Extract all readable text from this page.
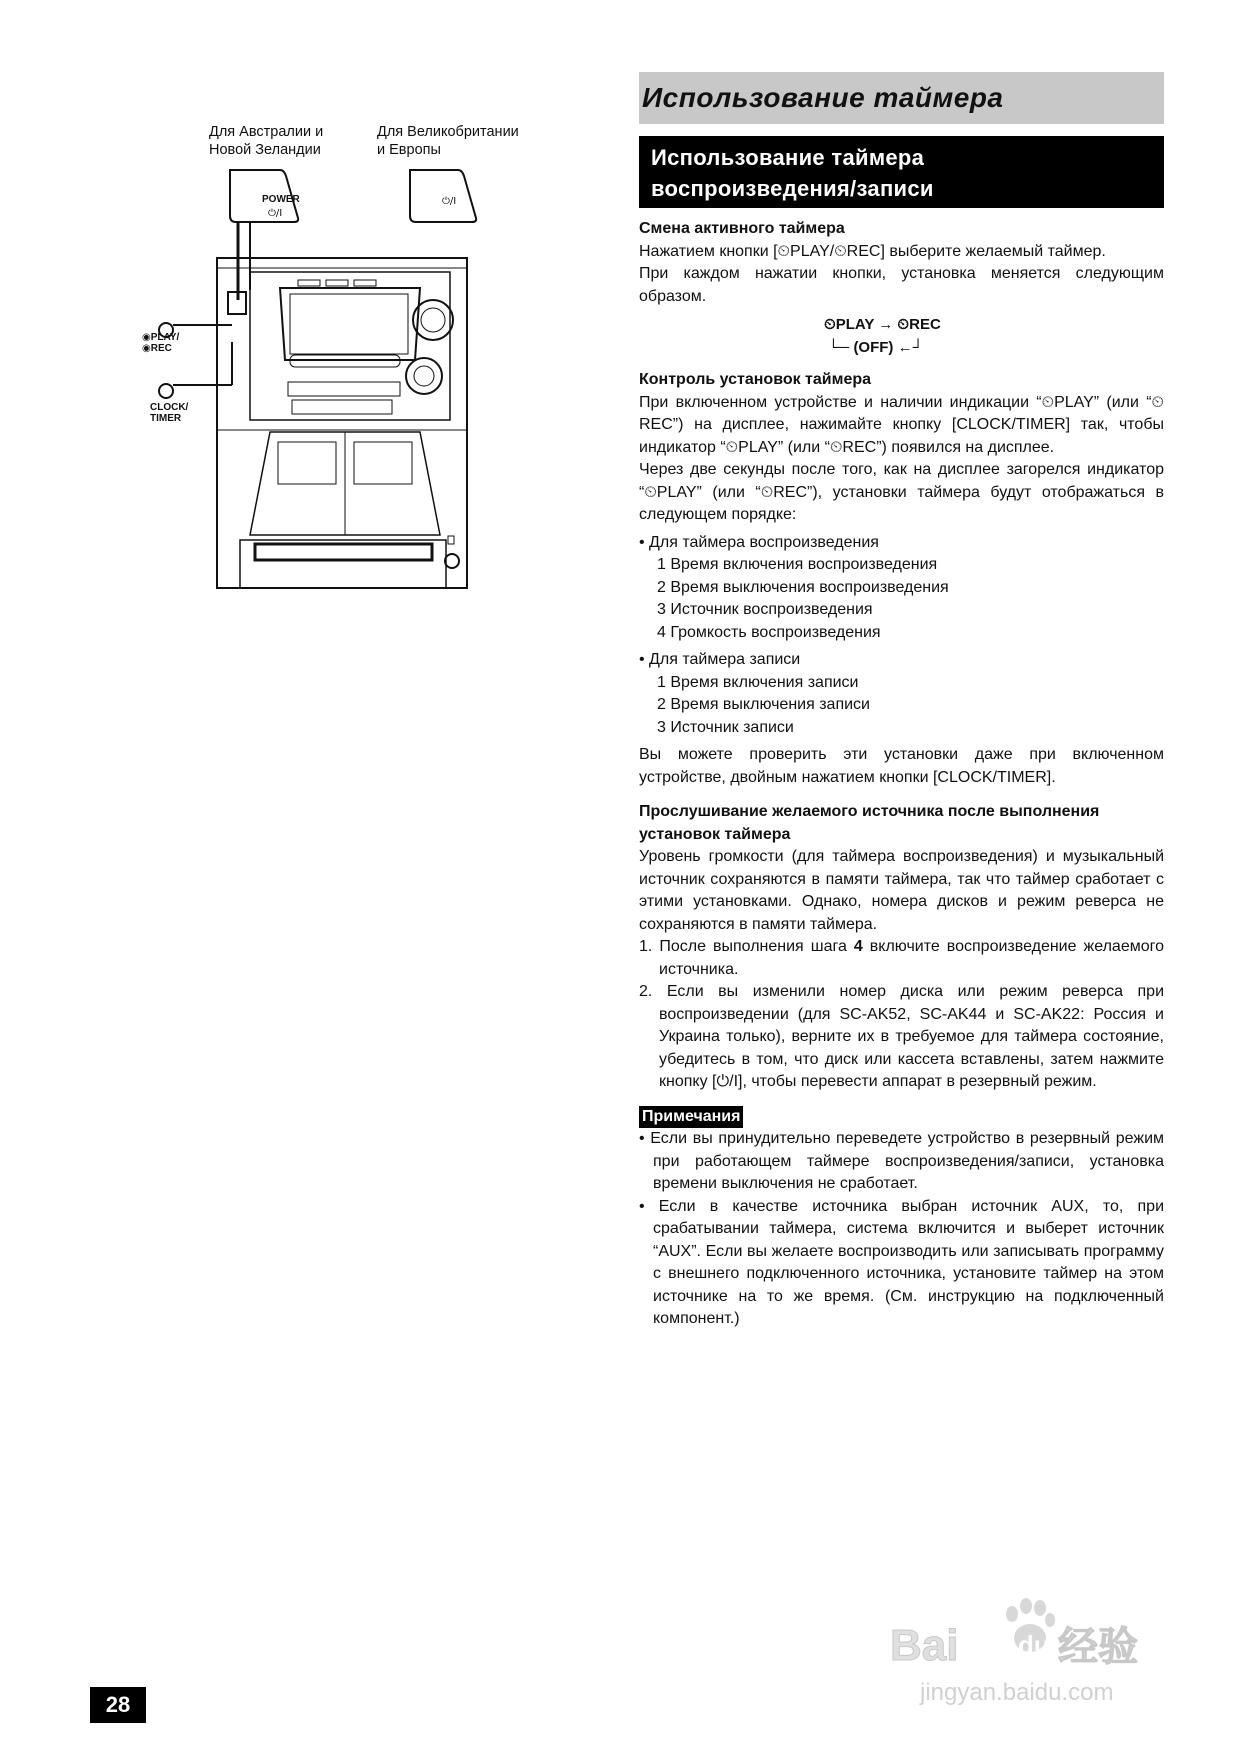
Для Австралии и
Новой Зеландии
Для Великобритании
и Европы
◉PLAY/
◉REC
CLOCK/
TIMER
POWER
⏻/I
⏻/I
Использование таймера
Использование таймера
воспроизведения/записи
Смена активного таймера
Нажатием кнопки [⏲PLAY/⏲REC] выберите желаемый таймер.
При каждом нажатии кнопки, установка меняется следующим образом.
⏲PLAY → ⏲REC
└─ (OFF) ←┘
Контроль установок таймера
При включенном устройстве и наличии индикации “⏲PLAY” (или “⏲REC”) на дисплее, нажимайте кнопку [CLOCK/TIMER] так, чтобы индикатор “⏲PLAY” (или “⏲REC”) появился на дисплее.
Через две секунды после того, как на дисплее загорелся индикатор “⏲PLAY” (или “⏲REC”), установки таймера будут отображаться в следующем порядке:
• Для таймера воспроизведения
1 Время включения воспроизведения
2 Время выключения воспроизведения
3 Источник воспроизведения
4 Громкость воспроизведения
• Для таймера записи
1 Время включения записи
2 Время выключения записи
3 Источник записи
Вы можете проверить эти установки даже при включенном устройстве, двойным нажатием кнопки [CLOCK/TIMER].
Прослушивание желаемого источника после выполнения установок таймера
Уровень громкости (для таймера воспроизведения) и музыкальный источник сохраняются в памяти таймера, так что таймер сработает с этими установками. Однако, номера дисков и режим реверса не сохраняются в памяти таймера.
1. После выполнения шага 4 включите воспроизведение желаемого источника.
2. Если вы изменили номер диска или режим реверса при воспроизведении (для SC-AK52, SC-AK44 и SC-AK22: Россия и Украина только), верните их в требуемое для таймера состояние, убедитесь в том, что диск или кассета вставлены, затем нажмите кнопку [⏻/I], чтобы перевести аппарат в резервный режим.
Примечания
• Если вы принудительно переведете устройство в резервный режим при работающем таймере воспроизведения/записи, установка времени выключения не сработает.
• Если в качестве источника выбран источник AUX, то, при срабатывании таймера, система включится и выберет источник “AUX”. Если вы желаете воспроизводить или записывать программу с внешнего подключенного источника, установите таймер на этом источнике на то же время. (См. инструкцию на подключенный компонент.)
Bai du 经验
jingyan.baidu.com
28
